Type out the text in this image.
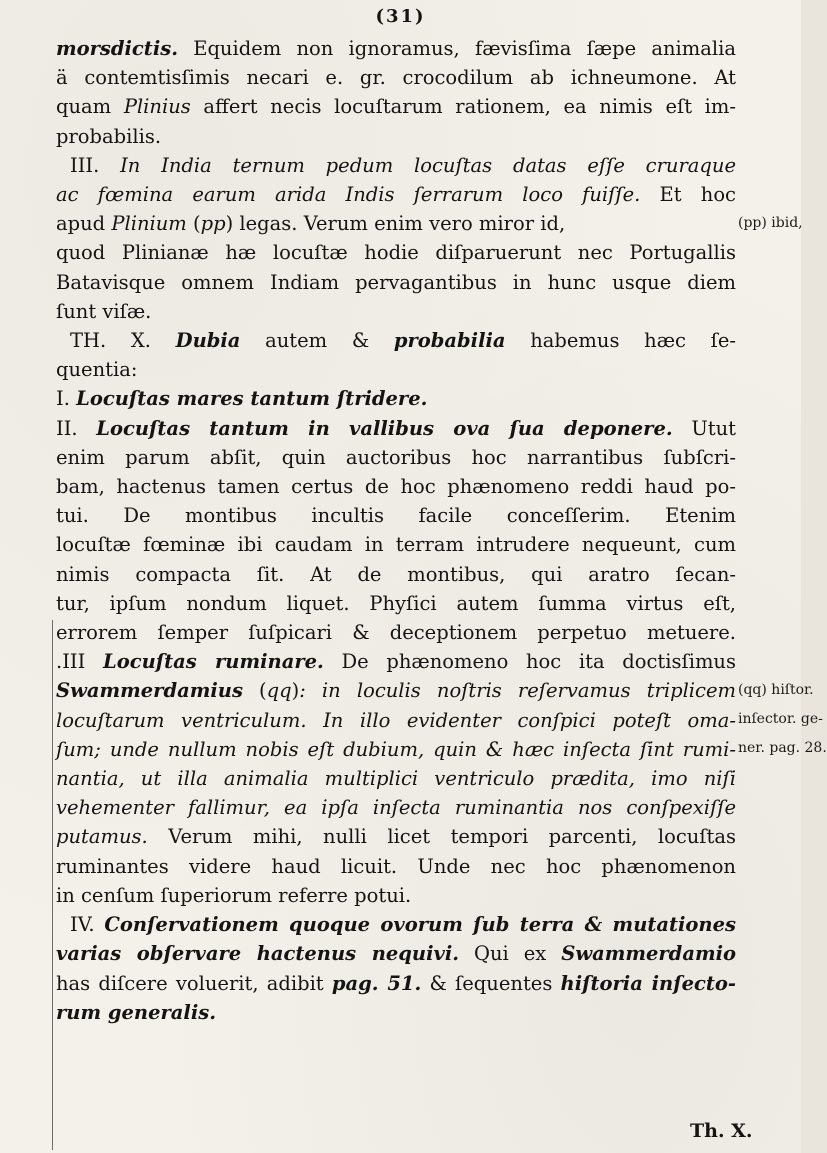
(31)
morsdictis. Equidem non ignoramus, fævisſima ſæpe animalia
ä contemtisſimis necari e. gr. crocodilum ab ichneumone. At
quam Plinius affert necis locuſtarum rationem, ea nimis eſt im-
probabilis.
III. In India ternum pedum locuſtas datas eſſe cruraque
ac fœmina earum arida Indis ſerrarum loco fuiſſe. Et hoc
apud Plinium (pp) legas. Verum enim vero miror id,
quod Plinianæ hæ locuſtæ hodie diſparuerunt nec Portugallis
Batavisque omnem Indiam pervagantibus in hunc usque diem
ſunt viſæ.
TH. X. Dubia autem & probabilia habemus hæc ſe-
quentia:
I. Locuſtas mares tantum ſtridere.
II. Locuſtas tantum in vallibus ova ſua deponere. Utut
enim parum abſit, quin auctoribus hoc narrantibus ſubſcri-
bam, hactenus tamen certus de hoc phænomeno reddi haud po-
tui. De montibus incultis facile conceſſerim. Etenim
locuſtæ fœminæ ibi caudam in terram intrudere nequeunt, cum
nimis compacta ſit. At de montibus, qui aratro ſecan-
tur, ipſum nondum liquet. Phyſici autem ſumma virtus eſt,
errorem ſemper ſuſpicari & deceptionem perpetuo metuere.
.III Locuſtas ruminare. De phænomeno hoc ita doctisſimus
Swammerdamius (qq): in loculis noſtris reſervamus triplicem
locuſtarum ventriculum. In illo evidenter conſpici poteſt oma-
ſum; unde nullum nobis eſt dubium, quin & hæc inſecta ſint rumi-
nantia, ut illa animalia multiplici ventriculo prædita, imo niſi
vehementer fallimur, ea ipſa inſecta ruminantia nos conſpexiſſe
putamus. Verum mihi, nulli licet tempori parcenti, locuſtas
ruminantes videre haud licuit. Unde nec hoc phænomenon
in cenſum ſuperiorum referre potui.
IV. Conſervationem quoque ovorum ſub terra & mutationes
varias obſervare hactenus nequivi. Qui ex Swammerdamio
has diſcere voluerit, adibit pag. 51. & ſequentes hiſtoria inſecto-
rum generalis.
(pp) ibid,
(qq) hiſtor.
inſector. ge-
ner. pag. 28.
Th. X.
